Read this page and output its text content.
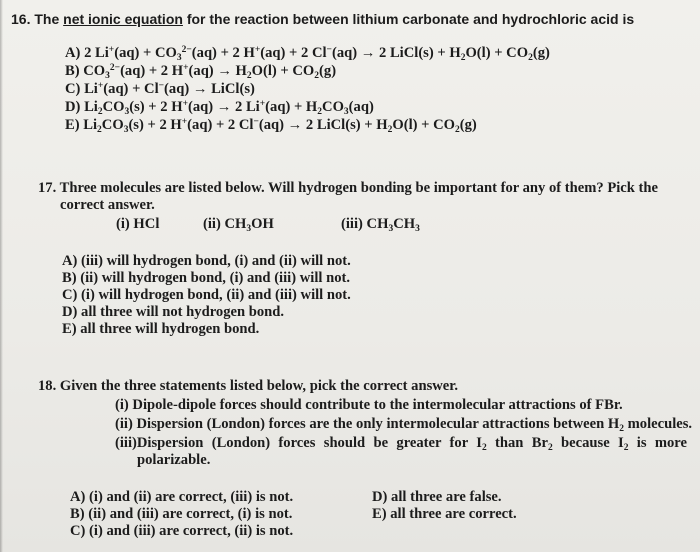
16. The net ionic equation for the reaction between lithium carbonate and hydrochloric acid is
A) 2 $Li^+(aq) + CO_3^{2-}(aq) + 2$ H+(aq) + 2 Cl−(aq) → 2 LiCl(s) + $H_2O(l) + CO_2(g)$
B) $CO_3^{2-}(aq) + 2$ $H^+(aq) \to H_2O(l) + CO_2(g)$
C) Li+(aq) + Cl−(aq) → LiCl(s)
D) $Li_2CO_3(s) + 2$ H+(aq) → 2 $Li^+(aq) + H_2CO_3(aq)$
E) $Li_2CO_3(s) + 2$ H+(aq) + 2 Cl−(aq) → 2 LiCl(s) + $H_2O(l) + CO_2(g)$
17. Three molecules are listed below. Will hydrogen bonding be important for any of them? Pick the
correct answer.
(i) HCl	(ii) $CH_3OH$	(iii) $CH_3CH_3$
A) (iii) will hydrogen bond, (i) and (ii) will not.
B) (ii) will hydrogen bond, (i) and (iii) will not.
C) (i) will hydrogen bond, (ii) and (iii) will not.
D) all three will not hydrogen bond.
E) all three will hydrogen bond.
18. Given the three statements listed below, pick the correct answer.
(i) Dipole-dipole forces should contribute to the intermolecular attractions of FBr.
(ii) Dispersion (London) forces are the only intermolecular attractions between $H_2$ molecules.
(iii)Dispersion (London) forces should be greater for $I_2$ than $Br_2$ because $I_2$ is more
polarizable.
A) (i) and (ii) are correct, (iii) is not.
B) (ii) and (iii) are correct, (i) is not.
C) (i) and (iii) are correct, (ii) is not.
D) all three are false.
E) all three are correct.
